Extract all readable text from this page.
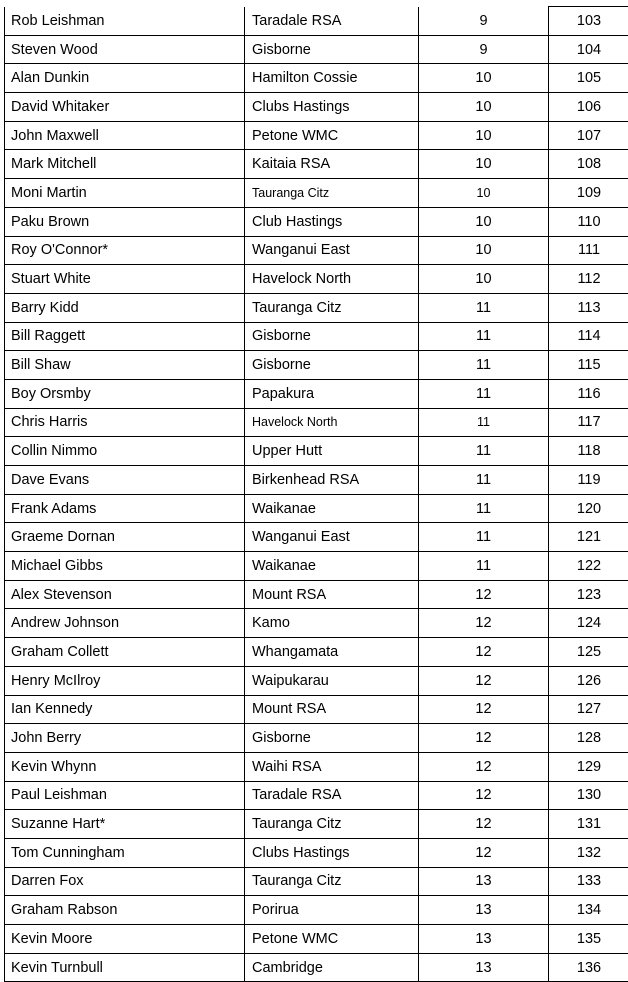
Rob Leishman	Taradale RSA	9	103
Steven Wood	Gisborne	9	104
Alan Dunkin	Hamilton Cossie	10	105
David Whitaker	Clubs Hastings	10	106
John Maxwell	Petone WMC	10	107
Mark Mitchell	Kaitaia RSA	10	108
Moni Martin	Tauranga Citz	10	109
Paku Brown	Club Hastings	10	110
Roy O'Connor*	Wanganui East	10	111
Stuart White	Havelock North	10	112
Barry Kidd	Tauranga Citz	11	113
Bill Raggett	Gisborne	11	114
Bill Shaw	Gisborne	11	115
Boy Orsmby	Papakura	11	116
Chris Harris	Havelock North	11	117
Collin Nimmo	Upper Hutt	11	118
Dave Evans	Birkenhead RSA	11	119
Frank Adams	Waikanae	11	120
Graeme Dornan	Wanganui East	11	121
Michael Gibbs	Waikanae	11	122
Alex Stevenson	Mount RSA	12	123
Andrew Johnson	Kamo	12	124
Graham Collett	Whangamata	12	125
Henry McIlroy	Waipukarau	12	126
Ian Kennedy	Mount RSA	12	127
John Berry	Gisborne	12	128
Kevin Whynn	Waihi RSA	12	129
Paul Leishman	Taradale RSA	12	130
Suzanne Hart*	Tauranga Citz	12	131
Tom Cunningham	Clubs Hastings	12	132
Darren Fox	Tauranga Citz	13	133
Graham Rabson	Porirua	13	134
Kevin Moore	Petone WMC	13	135
Kevin Turnbull	Cambridge	13	136
